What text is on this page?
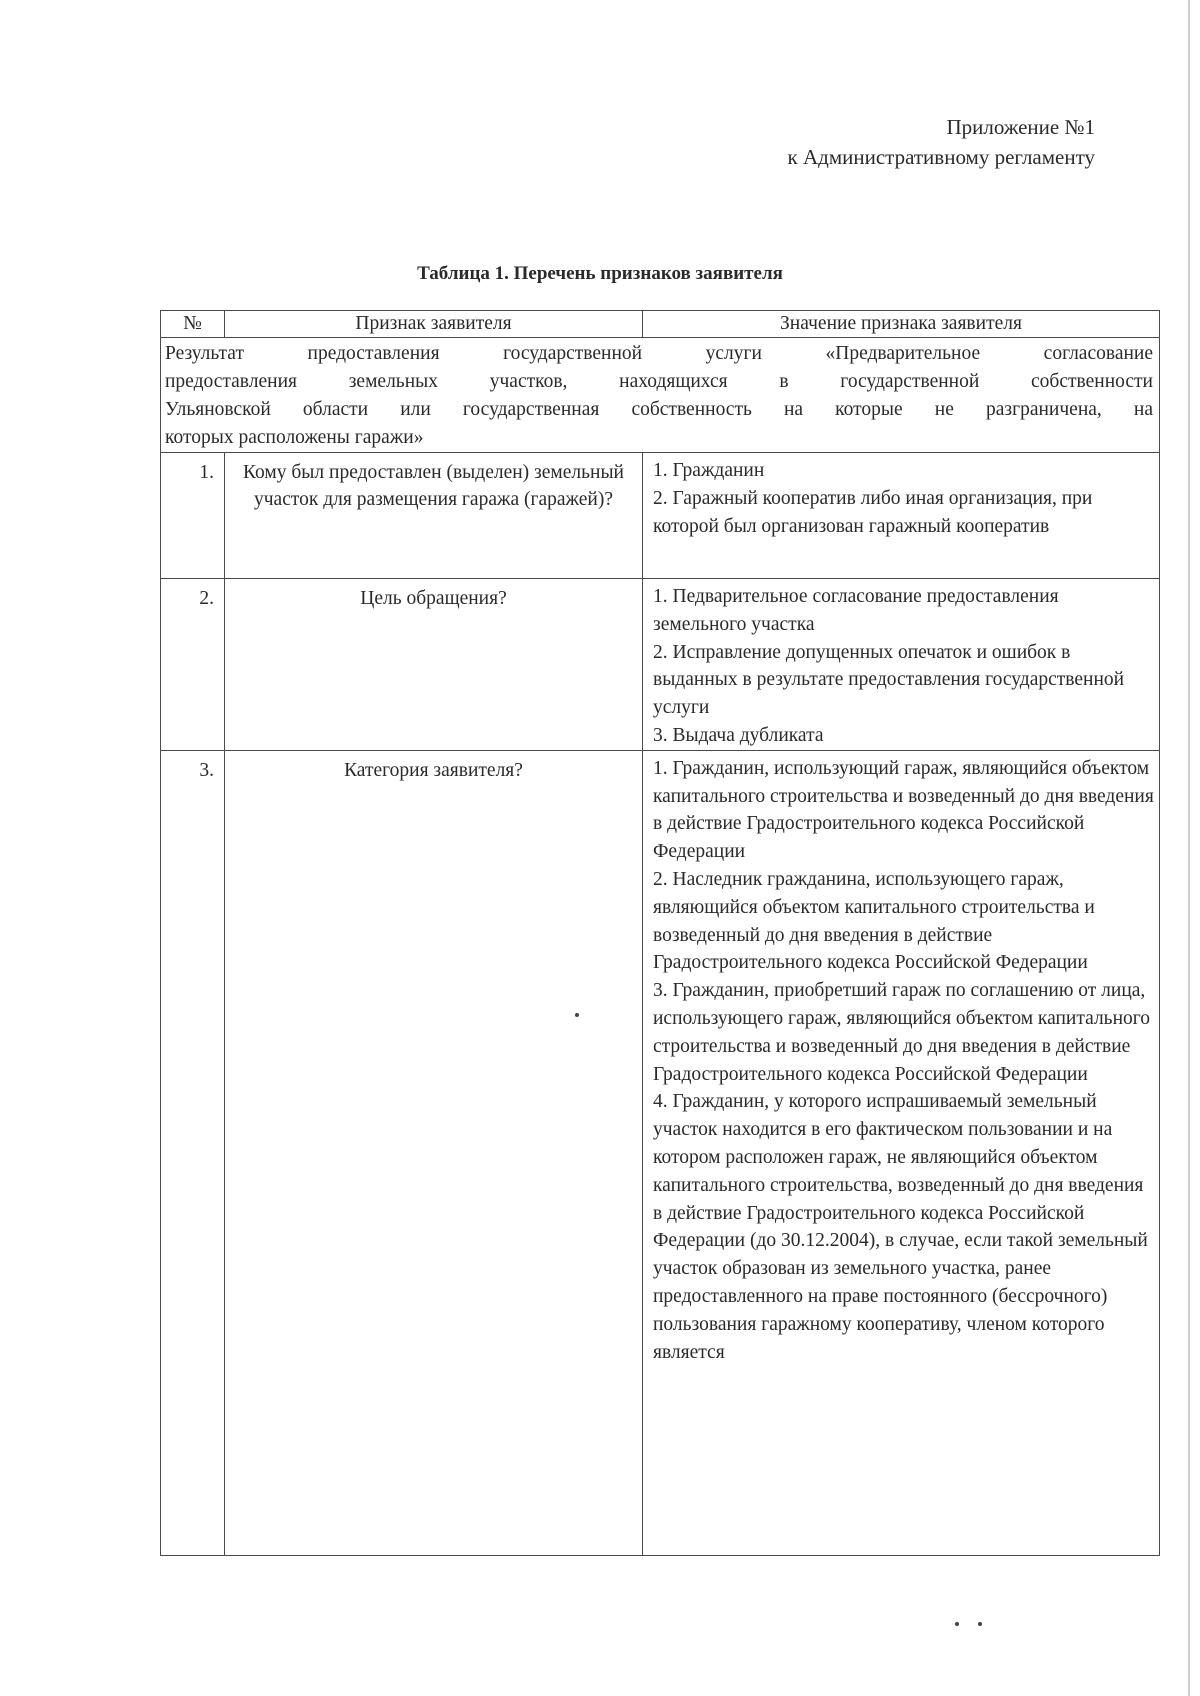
Приложение №1
к Административному регламенту
Таблица 1. Перечень признаков заявителя
№	Признак заявителя	Значение признака заявителя

Результат предоставления государственной услуги «Предварительное согласование
предоставления земельных участков, находящихся в государственной собственности
Ульяновской области или государственная собственность на которые не разграничена, на
которых расположены гаражи»		

1.	Кому был предоставлен (выделен) земельный участок для размещения гаража (гаражей)?	1. Гражданин
2. Гаражный кооператив либо иная организация, при которой был организован гаражный кооператив

2.	Цель обращения?	1. Педварительное согласование предоставления земельного участка
2. Исправление допущенных опечаток и ошибок в выданных в результате предоставления государственной услуги
3. Выдача дубликата

3.	Категория заявителя?	1. Гражданин, использующий гараж, являющийся объектом капитального строительства и возведенный до дня введения в действие Градостроительного кодекса Российской Федерации
2. Наследник гражданина, использующего гараж, являющийся объектом капитального строительства и возведенный до дня введения в действие Градостроительного кодекса Российской Федерации
3. Гражданин, приобретший гараж по соглашению от лица, использующего гараж, являющийся объектом капитального строительства и возведенный до дня введения в действие Градостроительного кодекса Российской Федерации
4. Гражданин, у которого испрашиваемый земельный участок находится в его фактическом пользовании и на котором расположен гараж, не являющийся объектом капитального строительства, возведенный до дня введения
в действие Градостроительного кодекса Российской Федерации (до 30.12.2004), в случае, если такой земельный участок образован из земельного участка, ранее предоставленного на праве постоянного (бессрочного) пользования гаражному кооперативу, членом которого является
